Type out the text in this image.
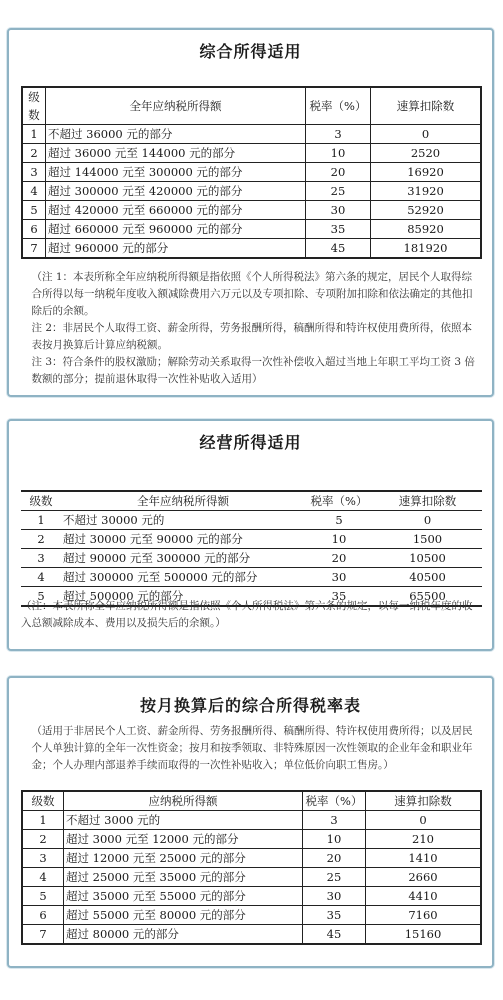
综合所得适用
级数	全年应纳税所得额	税率（%）	速算扣除数
1	不超过 36000 元的部分	3	0
2	超过 36000 元至 144000 元的部分	10	2520
3	超过 144000 元至 300000 元的部分	20	16920
4	超过 300000 元至 420000 元的部分	25	31920
5	超过 420000 元至 660000 元的部分	30	52920
6	超过 660000 元至 960000 元的部分	35	85920
7	超过 960000 元的部分	45	181920

（注 1：本表所称全年应纳税所得额是指依照《个人所得税法》第六条的规定，居民个人取得综合所得以每一纳税年度收入额减除费用六万元以及专项扣除、专项附加扣除和依法确定的其他扣除后的余额。

注 2：非居民个人取得工资、薪金所得，劳务报酬所得，稿酬所得和特许权使用费所得，依照本表按月换算后计算应纳税额。

注 3：符合条件的股权激励；解除劳动关系取得一次性补偿收入超过当地上年职工平均工资 3 倍数额的部分；提前退休取得一次性补贴收入适用）

经营所得适用
级数	全年应纳税所得额	税率（%）	速算扣除数
1	不超过 30000 元的	5	0
2	超过 30000 元至 90000 元的部分	10	1500
3	超过 90000 元至 300000 元的部分	20	10500
4	超过 300000 元至 500000 元的部分	30	40500
5	超过 500000 元的部分	35	65500

（注：本表所称全年应纳税所得额是指依照《个人所得税法》第六条的规定，以每一纳税年度的收入总额减除成本、费用以及损失后的余额。）

按月换算后的综合所得税率表

（适用于非居民个人工资、薪金所得、劳务报酬所得、稿酬所得、特许权使用费所得；以及居民个人单独计算的全年一次性资金；按月和按季领取、非特殊原因一次性领取的企业年金和职业年金；个人办理内部退养手续而取得的一次性补贴收入；单位低价向职工售房。）

级数	应纳税所得额	税率（%）	速算扣除数
1	不超过 3000 元的	3	0
2	超过 3000 元至 12000 元的部分	10	210
3	超过 12000 元至 25000 元的部分	20	1410
4	超过 25000 元至 35000 元的部分	25	2660
5	超过 35000 元至 55000 元的部分	30	4410
6	超过 55000 元至 80000 元的部分	35	7160
7	超过 80000 元的部分	45	15160
